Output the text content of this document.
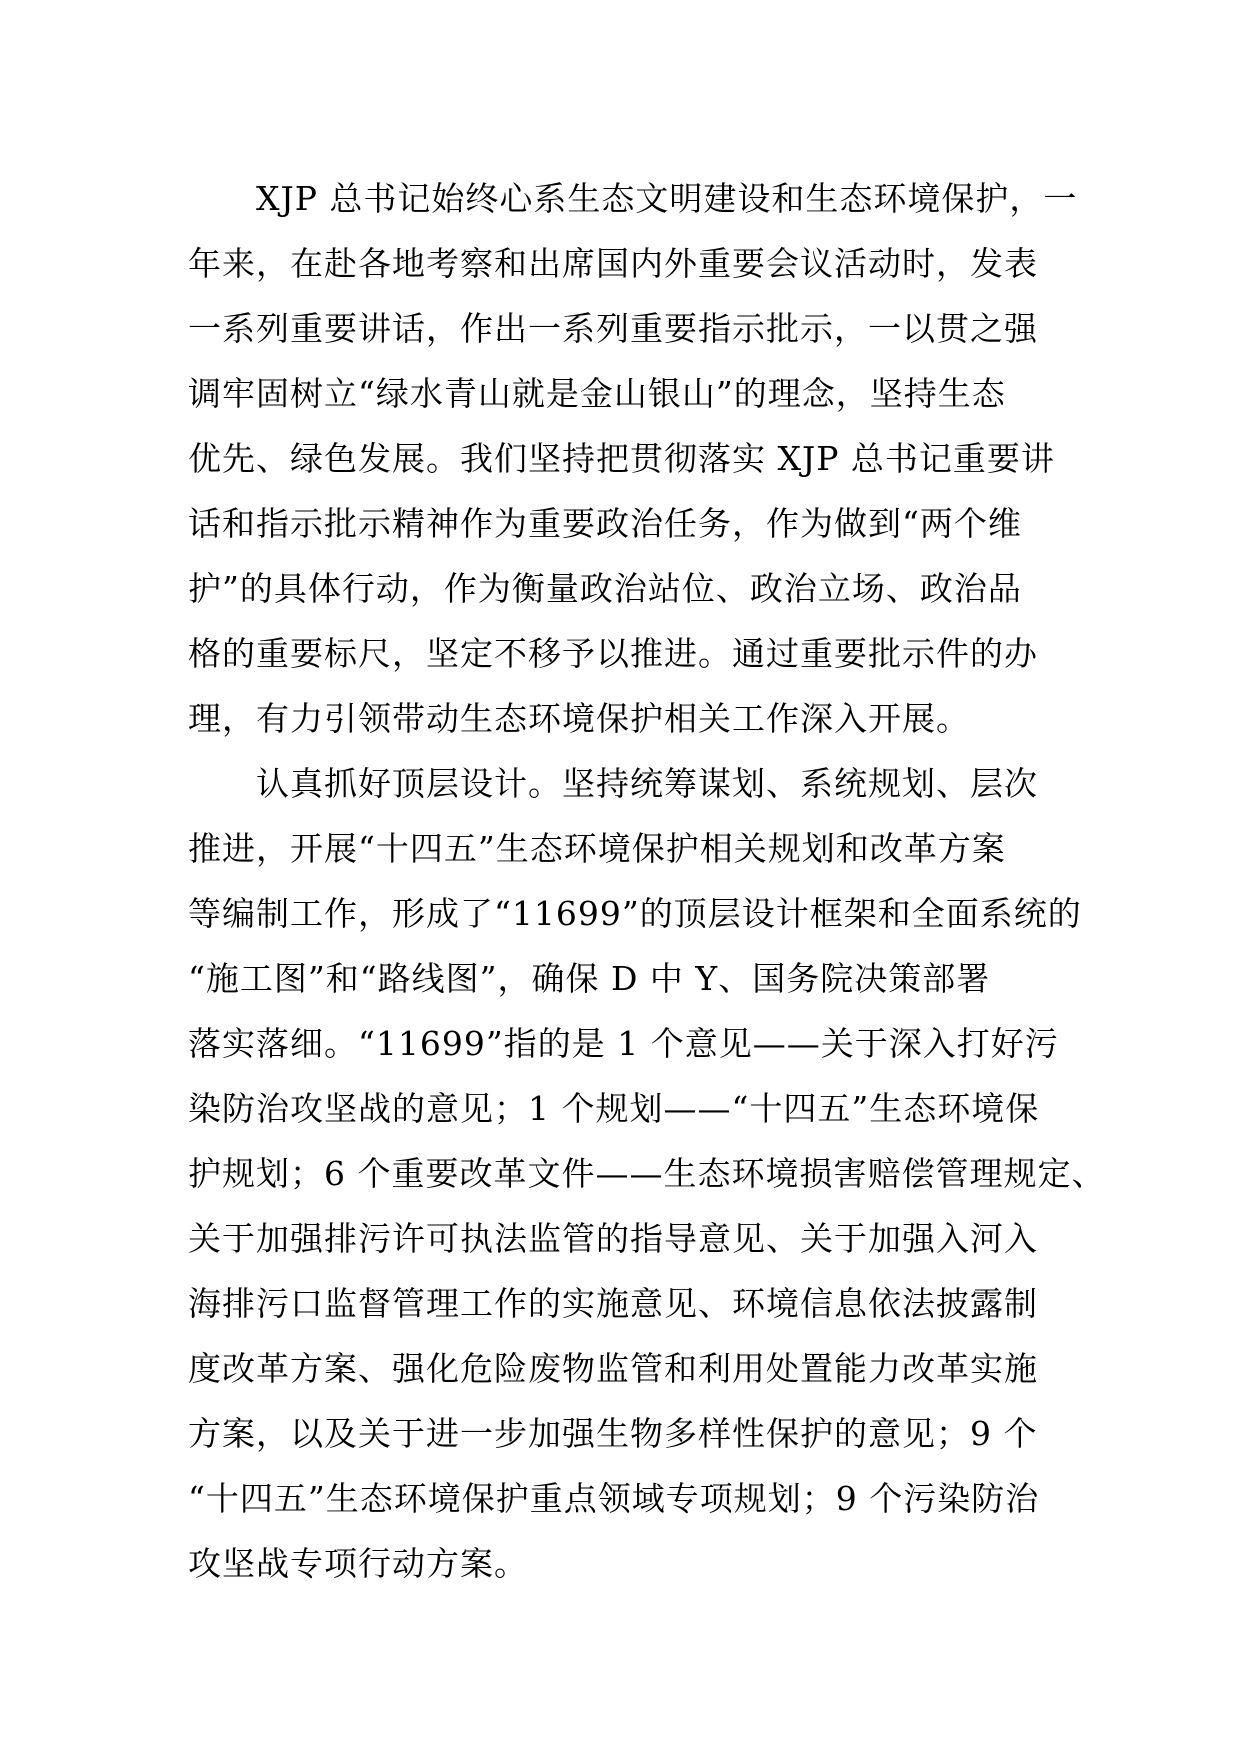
XJP 总书记始终心系生态文明建设和生态环境保护，一
年来，在赴各地考察和出席国内外重要会议活动时，发表
一系列重要讲话，作出一系列重要指示批示，一以贯之强
调牢固树立“绿水青山就是金山银山”的理念，坚持生态
优先、绿色发展。我们坚持把贯彻落实 XJP 总书记重要讲
话和指示批示精神作为重要政治任务，作为做到“两个维
护”的具体行动，作为衡量政治站位、政治立场、政治品
格的重要标尺，坚定不移予以推进。通过重要批示件的办
理，有力引领带动生态环境保护相关工作深入开展。
认真抓好顶层设计。坚持统筹谋划、系统规划、层次
推进，开展“十四五”生态环境保护相关规划和改革方案
等编制工作，形成了“11699”的顶层设计框架和全面系统的
“施工图”和“路线图”，确保 D 中 Y、国务院决策部署
落实落细。“11699”指的是 1 个意见——关于深入打好污
染防治攻坚战的意见；1 个规划——“十四五”生态环境保
护规划；6 个重要改革文件——生态环境损害赔偿管理规定、
关于加强排污许可执法监管的指导意见、关于加强入河入
海排污口监督管理工作的实施意见、环境信息依法披露制
度改革方案、强化危险废物监管和利用处置能力改革实施
方案，以及关于进一步加强生物多样性保护的意见；9 个
“十四五”生态环境保护重点领域专项规划；9 个污染防治
攻坚战专项行动方案。
